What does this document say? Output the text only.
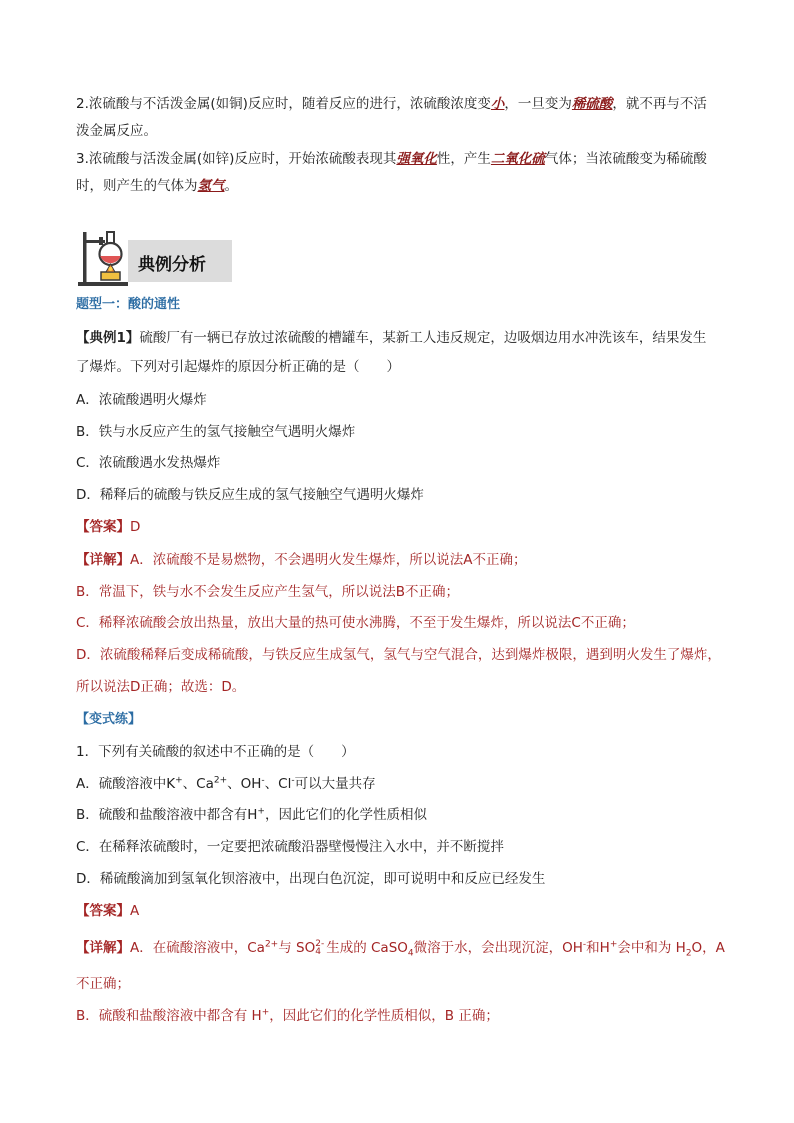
2.浓硫酸与不活泼金属(如铜)反应时，随着反应的进行，浓硫酸浓度变小，一旦变为稀硫酸，就不再与不活
泼金属反应。
3.浓硫酸与活泼金属(如锌)反应时，开始浓硫酸表现其强氧化性，产生二氧化硫气体；当浓硫酸变为稀硫酸
时，则产生的气体为氢气。
典例分析
题型一：酸的通性
【典例1】硫酸厂有一辆已存放过浓硫酸的槽罐车，某新工人违反规定，边吸烟边用水冲洗该车，结果发生
了爆炸。下列对引起爆炸的原因分析正确的是（　　）
A．浓硫酸遇明火爆炸
B．铁与水反应产生的氢气接触空气遇明火爆炸
C．浓硫酸遇水发热爆炸
D．稀释后的硫酸与铁反应生成的氢气接触空气遇明火爆炸
【答案】D
【详解】A．浓硫酸不是易燃物，不会遇明火发生爆炸，所以说法A不正确；
B．常温下，铁与水不会发生反应产生氢气，所以说法B不正确；
C．稀释浓硫酸会放出热量，放出大量的热可使水沸腾，不至于发生爆炸，所以说法C不正确；
D．浓硫酸稀释后变成稀硫酸，与铁反应生成氢气，氢气与空气混合，达到爆炸极限，遇到明火发生了爆炸，
所以说法D正确；故选：D。
【变式练】
1．下列有关硫酸的叙述中不正确的是（　　）
A．硫酸溶液中K+、$Ca^{2+}$、OH-、Cl-可以大量共存
B．硫酸和盐酸溶液中都含有H+，因此它们的化学性质相似
C．在稀释浓硫酸时，一定要把浓硫酸沿器壁慢慢注入水中，并不断搅拌
D．稀硫酸滴加到氢氧化钡溶液中，出现白色沉淀，即可说明中和反应已经发生
【答案】A
【详解】A．在硫酸溶液中，$Ca^{2+}$与 SO 2-
4 生成的 CaSO$_4$微溶于水，会出现沉淀，OH-和H+会中和为 $H_2O$，A
不正确；
B．硫酸和盐酸溶液中都含有 H+，因此它们的化学性质相似，B 正确；
